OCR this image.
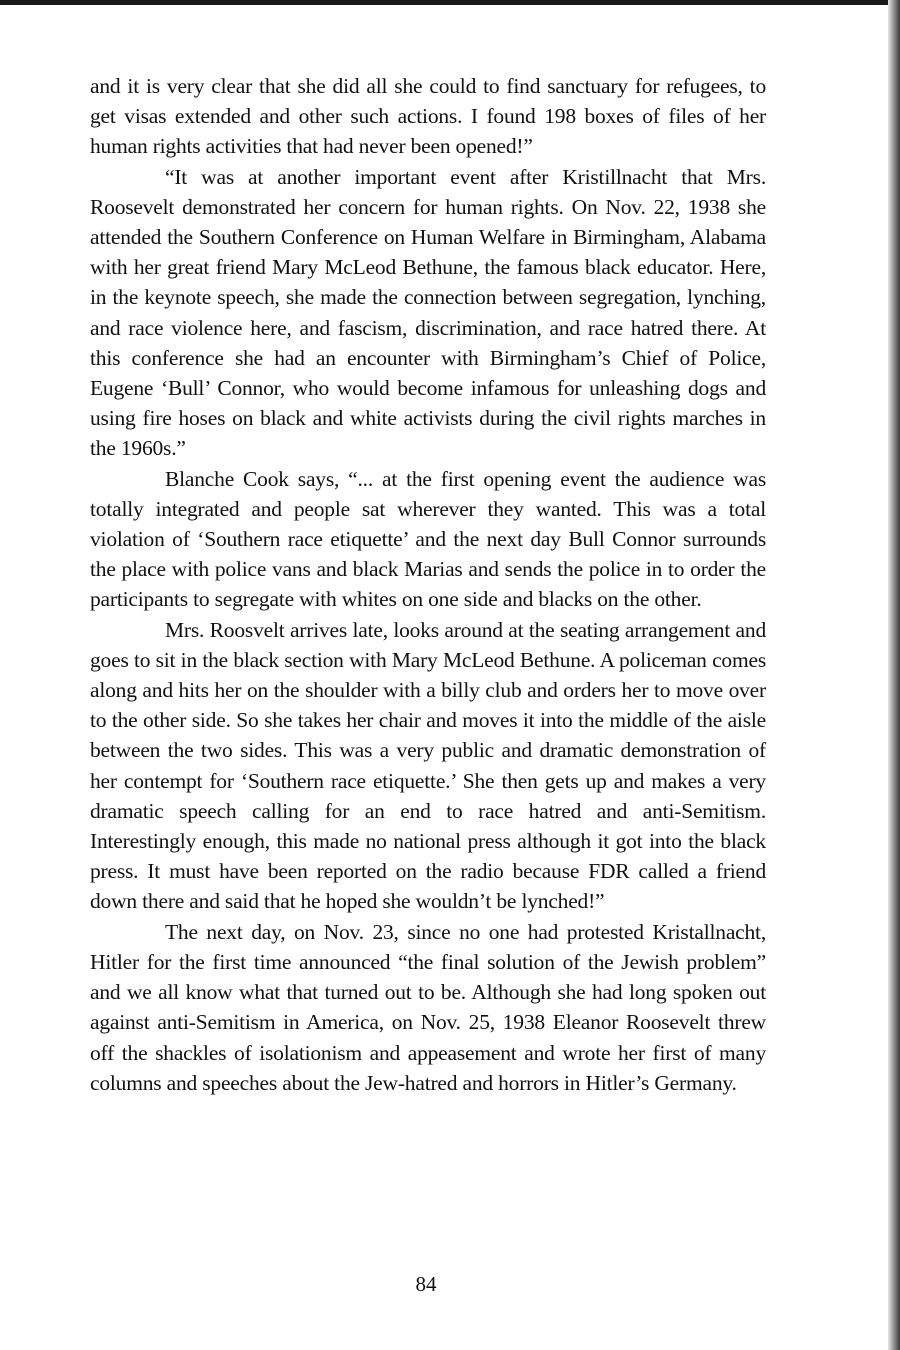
and it is very clear that she did all she could to find sanctuary for refugees, to get visas extended and other such actions. I found 198 boxes of files of her human rights activities that had never been opened!”

“It was at another important event after Kristillnacht that Mrs. Roosevelt demonstrated her concern for human rights. On Nov. 22, 1938 she attended the Southern Conference on Human Welfare in Birmingham, Alabama with her great friend Mary McLeod Bethune, the famous black educator. Here, in the keynote speech, she made the connection between segregation, lynching, and race violence here, and fascism, discrimination, and race hatred there. At this conference she had an encounter with Birmingham’s Chief of Police, Eugene ‘Bull’ Connor, who would become infamous for unleashing dogs and using fire hoses on black and white activists during the civil rights marches in the 1960s.”

Blanche Cook says, “... at the first opening event the audience was totally integrated and people sat wherever they wanted. This was a total violation of ‘Southern race etiquette’ and the next day Bull Connor surrounds the place with police vans and black Marias and sends the police in to order the participants to segregate with whites on one side and blacks on the other.

Mrs. Roosvelt arrives late, looks around at the seating arrangement and goes to sit in the black section with Mary McLeod Bethune. A policeman comes along and hits her on the shoulder with a billy club and orders her to move over to the other side. So she takes her chair and moves it into the middle of the aisle between the two sides. This was a very public and dramatic demonstration of her contempt for ‘Southern race etiquette.’ She then gets up and makes a very dramatic speech calling for an end to race hatred and anti-Semitism. Interestingly enough, this made no national press although it got into the black press. It must have been reported on the radio because FDR called a friend down there and said that he hoped she wouldn’t be lynched!”

The next day, on Nov. 23, since no one had protested Kristallnacht, Hitler for the first time announced “the final solution of the Jewish problem” and we all know what that turned out to be. Although she had long spoken out against anti-Semitism in America, on Nov. 25, 1938 Eleanor Roosevelt threw off the shackles of isolationism and appeasement and wrote her first of many columns and speeches about the Jew-hatred and horrors in Hitler’s Germany.

84
